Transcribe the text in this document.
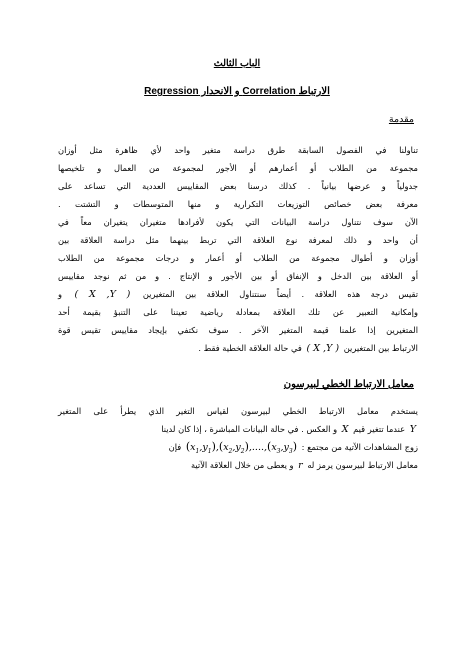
الباب الثالث
الارتباط Correlation و الانحدار Regression
مقدمة
تناولنا في الفصول السابقة طرق دراسة متغير واحد لأي ظاهرة مثل أوزان
مجموعة من الطلاب أو أعمارهم أو الأجور لمجموعة من العمال و تلخيصها
جدولياً و عرضها بيانياً . كذلك درسنا بعض المقاييس العددية التي تساعد على
معرفة بعض خصائص التوزيعات التكرارية و منها المتوسطات و التشتت .
الآن سوف نتناول دراسة البيانات التي يكون لأفرادها متغيران يتغيران معاً في
أن واحد و ذلك لمعرفة نوع العلاقة التي تربط بينهما مثل دراسة العلاقة بين
أوزان و أطوال مجموعة من الطلاب أو أعمار و درجات مجموعة من الطلاب
أو العلاقة بين الدخل و الإنفاق أو بين الأجور و الإنتاج . و من ثم نوجد مقاييس
تقيس درجة هذه العلاقة . أيضاً سنتناول العلاقة بين المتغيرين ( X ,Y ) و
وإمكانية التعبير عن تلك العلاقة بمعادلة رياضية تعيننا على التنبؤ بقيمة أحد
المتغيرين إذا علمنا قيمة المتغير الآخر . سوف نكتفي بإيجاد مقاييس تقيس قوة
الارتباط بين المتغيرين ( X ,Y ) في حالة العلاقة الخطية فقط .
معامل الارتباط الخطي لبيرسون
يستخدم معامل الارتباط الخطي لبيرسون لقياس التغير الذي يطرأ على المتغير
Y عندما تتغير قيم X و العكس . في حالة البيانات المباشرة ، إذا كان لدينا
زوج المشاهدات الآتية من مجتمع : $(x_1,y_1),(x_2,y_2),....,(x_3,y_3)$ فإن
معامل الارتباط لبيرسون يرمز له r و يعطى من خلال العلاقة الآتية
